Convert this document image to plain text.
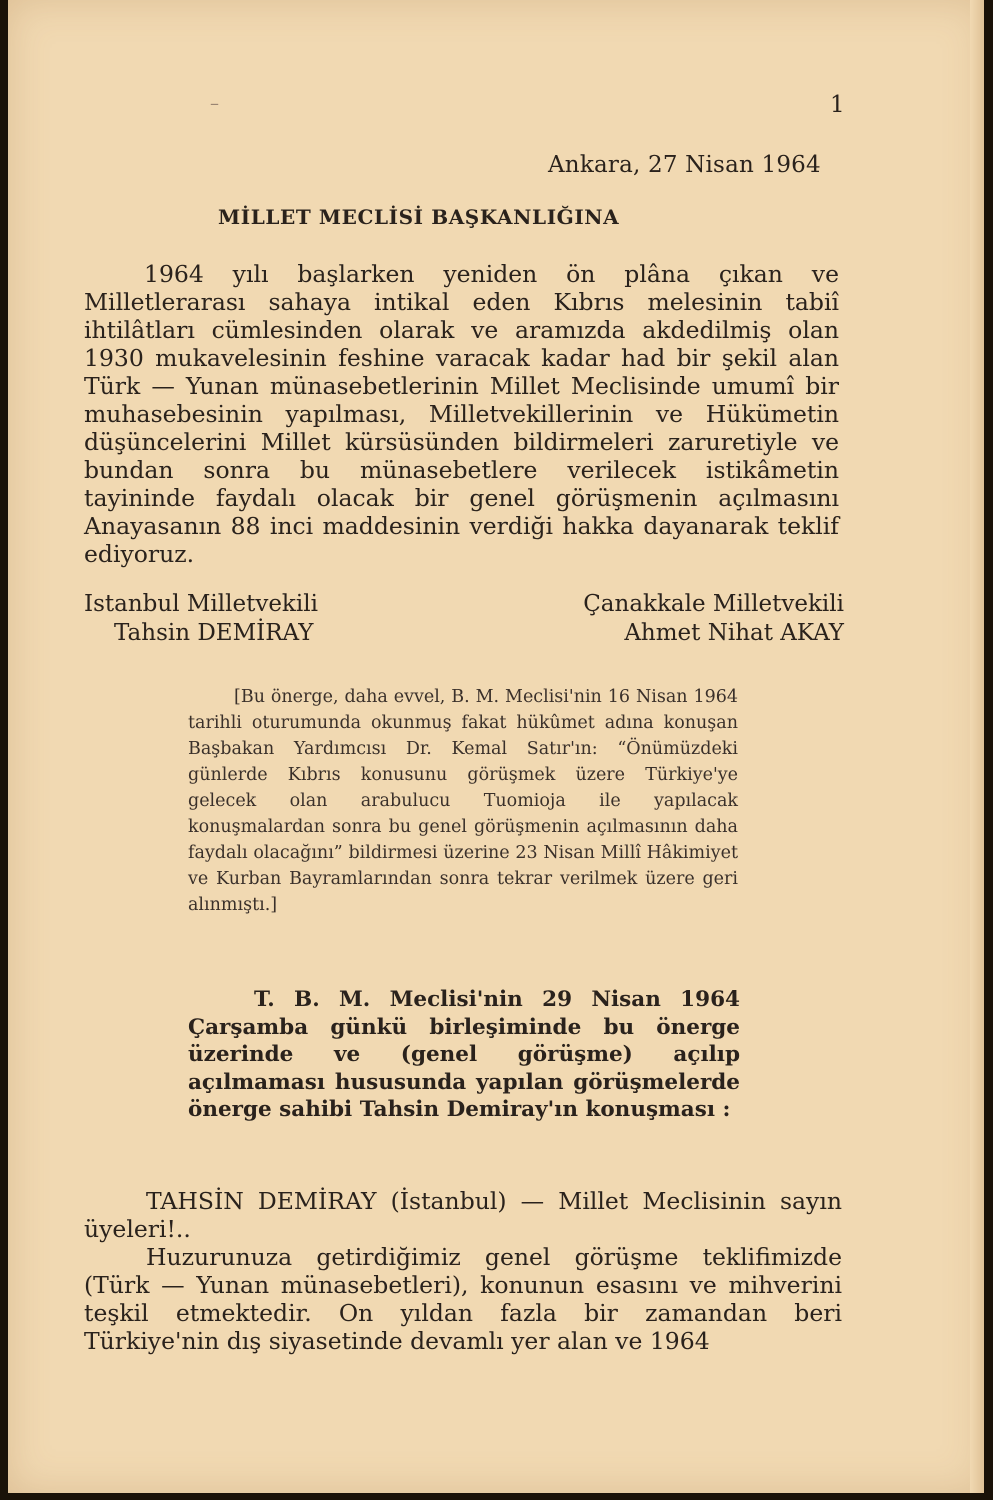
–	1
Ankara, 27 Nisan 1964
MİLLET MECLİSİ BAŞKANLIĞINA

1964 yılı başlarken yeniden ön plâna çıkan ve Milletlerarası sahaya intikal eden Kıbrıs melesinin tabiî ihtilâtları cümlesinden olarak ve aramızda akdedilmiş olan 1930 mukavelesinin feshine varacak kadar had bir şekil alan Türk — Yunan münasebetlerinin Millet Meclisinde umumî bir muhasebesinin yapılması, Milletvekillerinin ve Hükümetin düşüncelerini Millet kürsüsünden bildirmeleri zaruretiyle ve bundan sonra bu münasebetlere verilecek istikâmetin tayininde faydalı olacak bir genel görüşmenin açılmasını Anayasanın 88 inci maddesinin verdiği hakka dayanarak teklif ediyoruz.

Istanbul Milletvekili
Tahsin DEMİRAY
Çanakkale Milletvekili
Ahmet Nihat AKAY

[Bu önerge, daha evvel, B. M. Meclisi'nin 16 Nisan 1964 tarihli oturumunda okunmuş fakat hükûmet adına konuşan Başbakan Yardımcısı Dr. Kemal Satır'ın: “Önümüzdeki günlerde Kıbrıs konusunu görüşmek üzere Türkiye'ye gelecek olan arabulucu Tuomioja ile yapılacak konuşmalardan sonra bu genel görüşmenin açılmasının daha faydalı olacağını” bildirmesi üzerine 23 Nisan Millî Hâkimiyet ve Kurban Bayramlarından sonra tekrar verilmek üzere geri alınmıştı.]

T. B. M. Meclisi'nin 29 Nisan 1964 Çarşamba günkü birleşiminde bu önerge üzerinde ve (genel görüşme) açılıp açılmaması hususunda yapılan görüşmelerde önerge sahibi Tahsin Demiray'ın konuşması :

TAHSİN DEMİRAY (İstanbul) — Millet Meclisinin sayın üyeleri!..

Huzurunuza getirdiğimiz genel görüşme teklifimizde (Türk — Yunan münasebetleri), konunun esasını ve mihverini teşkil etmektedir. On yıldan fazla bir zamandan beri Türkiye'nin dış siyasetinde devamlı yer alan ve 1964
